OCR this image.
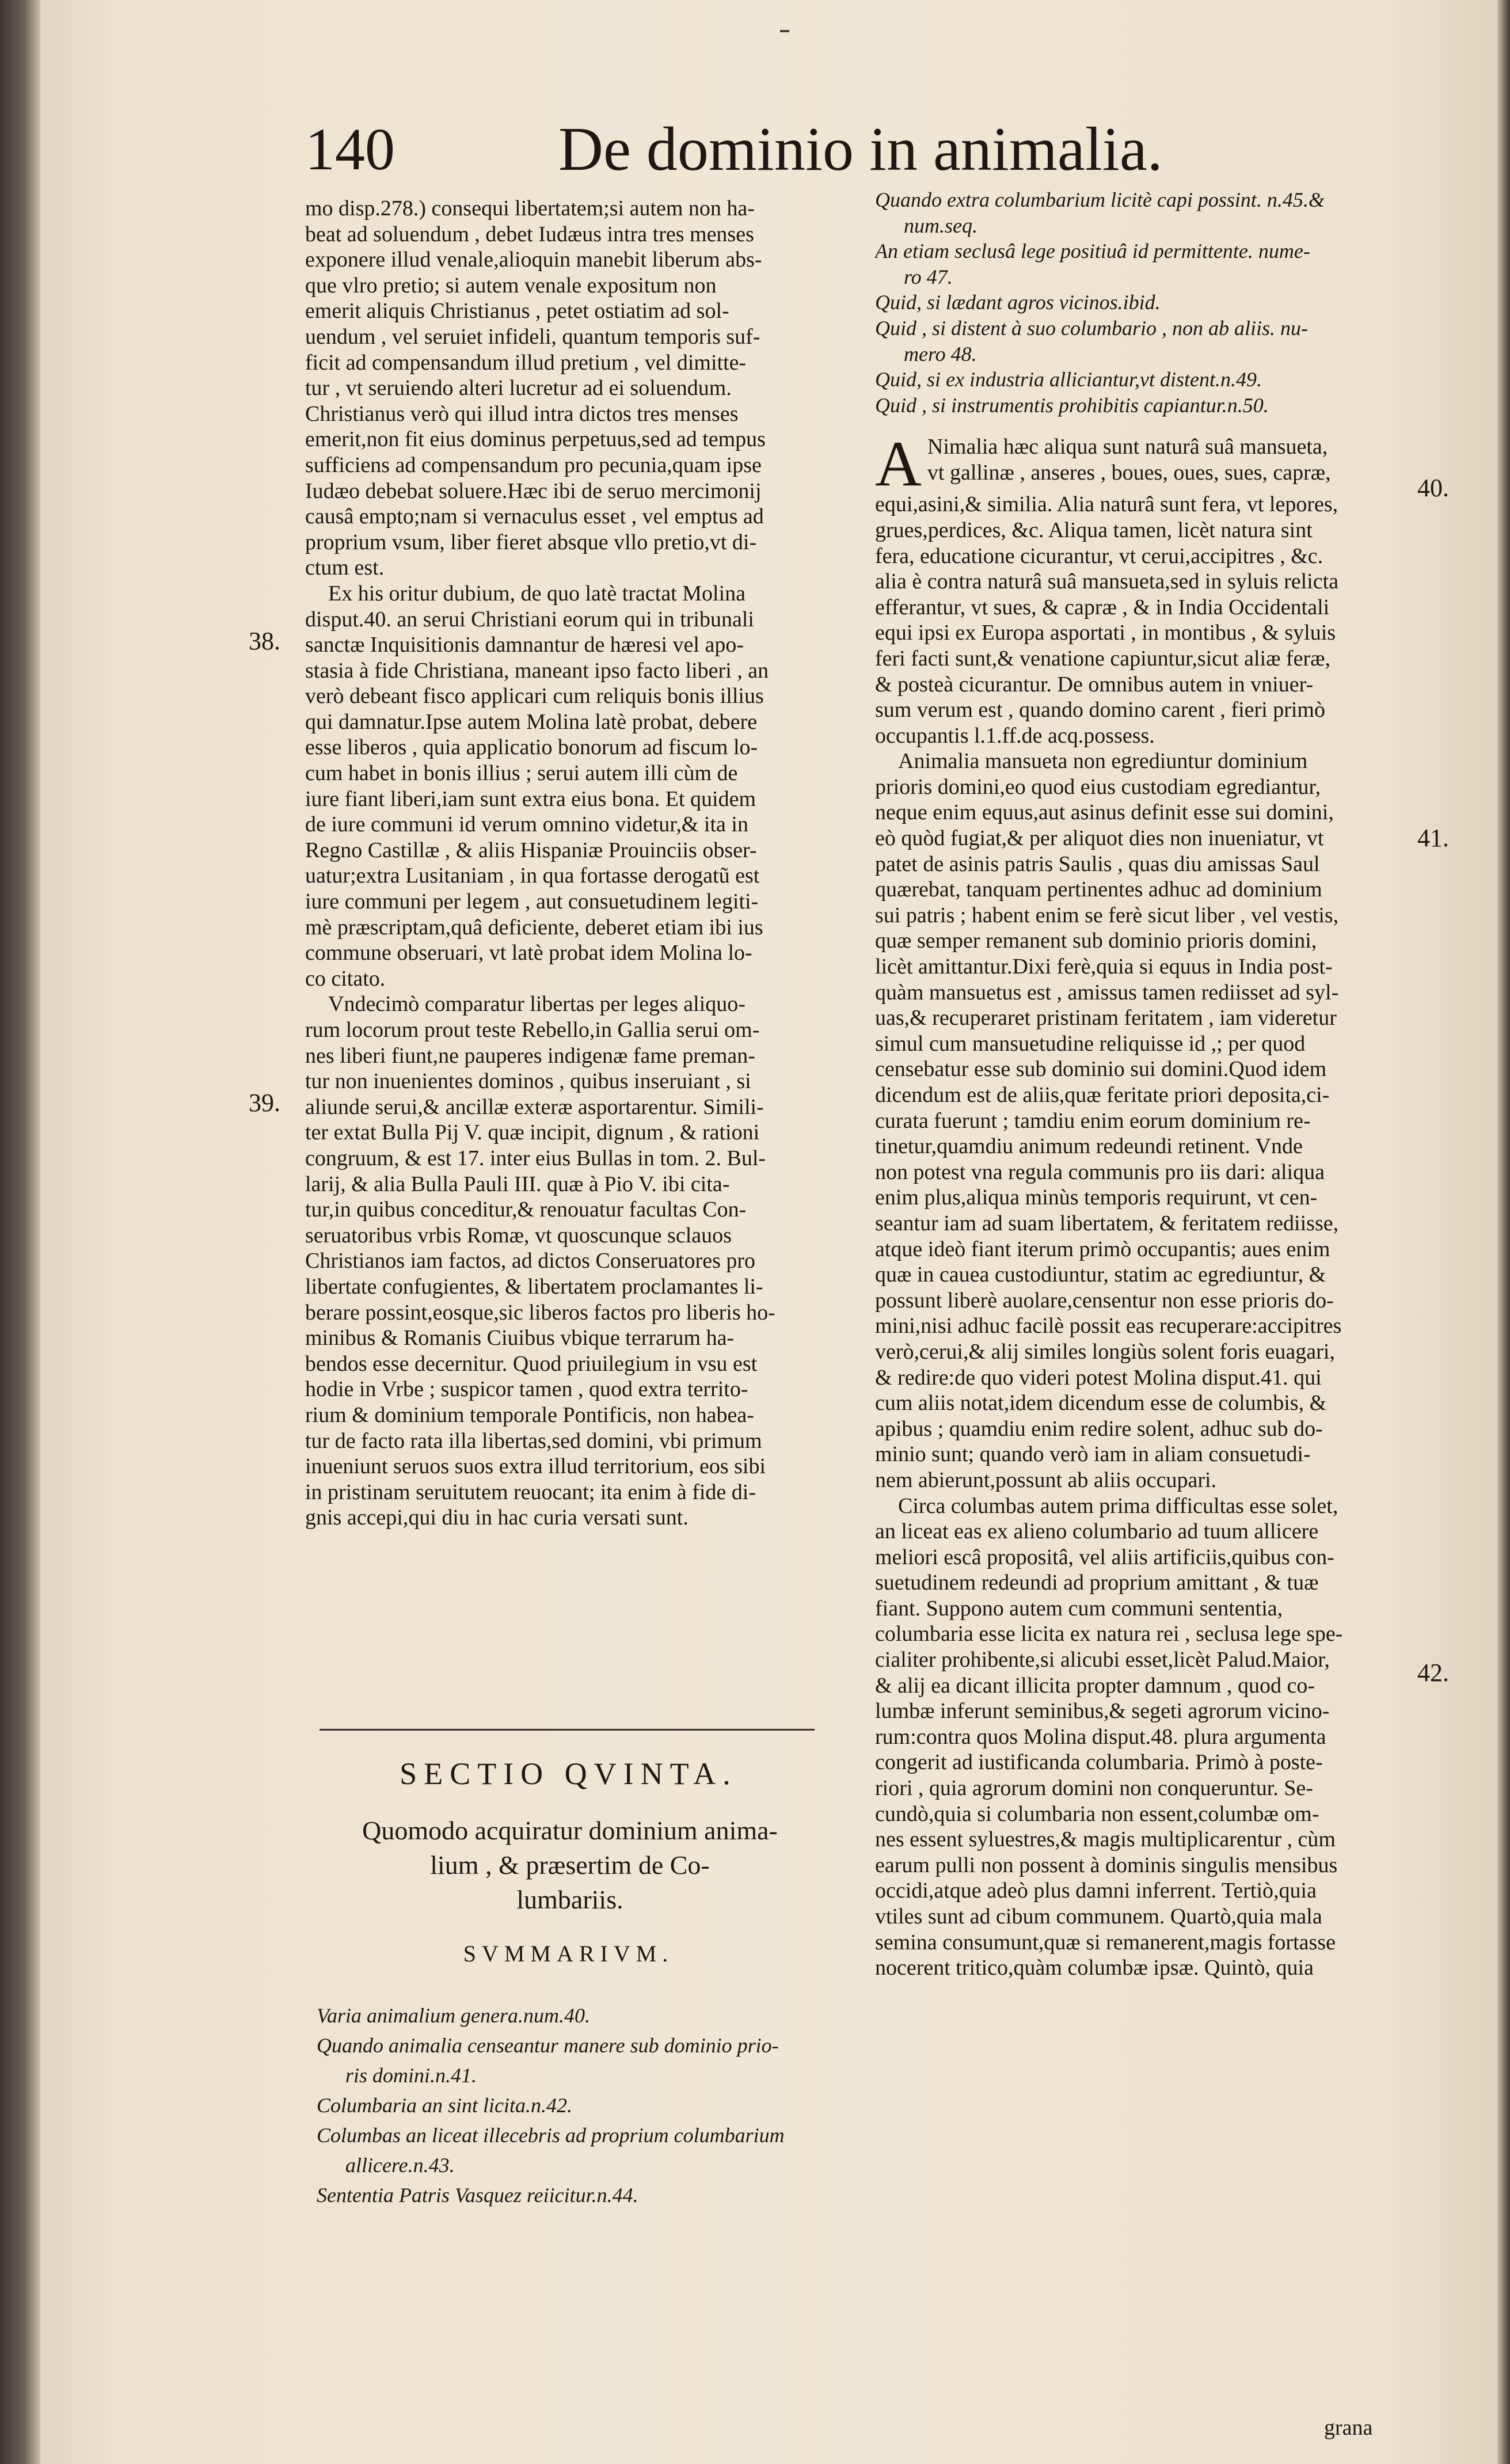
140	De dominio in animalia.
mo disp.278.) consequi libertatem;si autem non ha-
beat ad soluendum , debet Iudæus intra tres menses
exponere illud venale,alioquin manebit liberum abs-
que vlro pretio; si autem venale expositum non
emerit aliquis Christianus , petet ostiatim ad sol-
uendum , vel seruiet infideli, quantum temporis suf-
ficit ad compensandum illud pretium , vel dimitte-
tur , vt seruiendo alteri lucretur ad ei soluendum.
Christianus verò qui illud intra dictos tres menses
emerit,non fit eius dominus perpetuus,sed ad tempus
sufficiens ad compensandum pro pecunia,quam ipse
Iudæo debebat soluere.Hæc ibi de seruo mercimonij
causâ empto;nam si vernaculus esset , vel emptus ad
proprium vsum, liber fieret absque vllo pretio,vt di-
ctum est.
Ex his oritur dubium, de quo latè tractat Molina
disput.40. an serui Christiani eorum qui in tribunali
sanctæ Inquisitionis damnantur de hæresi vel apo-
stasia à fide Christiana, maneant ipso facto liberi , an
verò debeant fisco applicari cum reliquis bonis illius
qui damnatur.Ipse autem Molina latè probat, debere
esse liberos , quia applicatio bonorum ad fiscum lo-
cum habet in bonis illius ; serui autem illi cùm de
iure fiant liberi,iam sunt extra eius bona. Et quidem
de iure communi id verum omnino videtur,& ita in
Regno Castillæ , & aliis Hispaniæ Prouinciis obser-
uatur;extra Lusitaniam , in qua fortasse derogatũ est
iure communi per legem , aut consuetudinem legiti-
mè præscriptam,quâ deficiente, deberet etiam ibi ius
commune obseruari, vt latè probat idem Molina lo-
co citato.
Vndecimò comparatur libertas per leges aliquo-
rum locorum prout teste Rebello,in Gallia serui om-
nes liberi fiunt,ne pauperes indigenæ fame preman-
tur non inuenientes dominos , quibus inseruiant , si
aliunde serui,& ancillæ exteræ asportarentur. Simili-
ter extat Bulla Pij V. quæ incipit, dignum , & rationi
congruum, & est 17. inter eius Bullas in tom. 2. Bul-
larij, & alia Bulla Pauli III. quæ à Pio V. ibi cita-
tur,in quibus conceditur,& renouatur facultas Con-
seruatoribus vrbis Romæ, vt quoscunque sclauos
Christianos iam factos, ad dictos Conseruatores pro
libertate confugientes, & libertatem proclamantes li-
berare possint,eosque,sic liberos factos pro liberis ho-
minibus & Romanis Ciuibus vbique terrarum ha-
bendos esse decernitur. Quod priuilegium in vsu est
hodie in Vrbe ; suspicor tamen , quod extra territo-
rium & dominium temporale Pontificis, non habea-
tur de facto rata illa libertas,sed domini, vbi primum
inueniunt seruos suos extra illud territorium, eos sibi
in pristinam seruitutem reuocant; ita enim à fide di-
gnis accepi,qui diu in hac curia versati sunt.
38.
39.
SECTIO QVINTA.
Quomodo acquiratur dominium anima-
lium , & præsertim de Co-
lumbariis.
SVMMARIVM.
Varia animalium genera.num.40.
Quando animalia censeantur manere sub dominio prio-
ris domini.n.41.
Columbaria an sint licita.n.42.
Columbas an liceat illecebris ad proprium columbarium
allicere.n.43.
Sententia Patris Vasquez reiicitur.n.44.
Quando extra columbarium licitè capi possint. n.45.&
num.seq.
An etiam seclusâ lege positiuâ id permittente. nume-
ro 47.
Quid, si lædant agros vicinos.ibid.
Quid , si distent à suo columbario , non ab aliis. nu-
mero 48.
Quid, si ex industria alliciantur,vt distent.n.49.
Quid , si instrumentis prohibitis capiantur.n.50.
A Nimalia hæc aliqua sunt naturâ suâ mansueta,
vt gallinæ , anseres , boues, oues, sues, capræ,
equi,asini,& similia. Alia naturâ sunt fera, vt lepores,
grues,perdices, &c. Aliqua tamen, licèt natura sint
fera, educatione cicurantur, vt cerui,accipitres , &c.
alia è contra naturâ suâ mansueta,sed in syluis relicta
efferantur, vt sues, & capræ , & in India Occidentali
equi ipsi ex Europa asportati , in montibus , & syluis
feri facti sunt,& venatione capiuntur,sicut aliæ feræ,
& posteà cicurantur. De omnibus autem in vniuer-
sum verum est , quando domino carent , fieri primò
occupantis l.1.ff.de acq.possess.
Animalia mansueta non egrediuntur dominium
prioris domini,eo quod eius custodiam egrediantur,
neque enim equus,aut asinus definit esse sui domini,
eò quòd fugiat,& per aliquot dies non inueniatur, vt
patet de asinis patris Saulis , quas diu amissas Saul
quærebat, tanquam pertinentes adhuc ad dominium
sui patris ; habent enim se ferè sicut liber , vel vestis,
quæ semper remanent sub dominio prioris domini,
licèt amittantur.Dixi ferè,quia si equus in India post-
quàm mansuetus est , amissus tamen rediisset ad syl-
uas,& recuperaret pristinam feritatem , iam videretur
simul cum mansuetudine reliquisse id ,; per quod
censebatur esse sub dominio sui domini.Quod idem
dicendum est de aliis,quæ feritate priori deposita,ci-
curata fuerunt ; tamdiu enim eorum dominium re-
tinetur,quamdiu animum redeundi retinent. Vnde
non potest vna regula communis pro iis dari: aliqua
enim plus,aliqua minùs temporis requirunt, vt cen-
seantur iam ad suam libertatem, & feritatem rediisse,
atque ideò fiant iterum primò occupantis; aues enim
quæ in cauea custodiuntur, statim ac egrediuntur, &
possunt liberè auolare,censentur non esse prioris do-
mini,nisi adhuc facilè possit eas recuperare:accipitres
verò,cerui,& alij similes longiùs solent foris euagari,
& redire:de quo videri potest Molina disput.41. qui
cum aliis notat,idem dicendum esse de columbis, &
apibus ; quamdiu enim redire solent, adhuc sub do-
minio sunt; quando verò iam in aliam consuetudi-
nem abierunt,possunt ab aliis occupari.
Circa columbas autem prima difficultas esse solet,
an liceat eas ex alieno columbario ad tuum allicere
meliori escâ propositâ, vel aliis artificiis,quibus con-
suetudinem redeundi ad proprium amittant , & tuæ
fiant. Suppono autem cum communi sententia,
columbaria esse licita ex natura rei , seclusa lege spe-
cialiter prohibente,si alicubi esset,licèt Palud.Maior,
& alij ea dicant illicita propter damnum , quod co-
lumbæ inferunt seminibus,& segeti agrorum vicino-
rum:contra quos Molina disput.48. plura argumenta
congerit ad iustificanda columbaria. Primò à poste-
riori , quia agrorum domini non conqueruntur. Se-
cundò,quia si columbaria non essent,columbæ om-
nes essent syluestres,& magis multiplicarentur , cùm
earum pulli non possent à dominis singulis mensibus
occidi,atque adeò plus damni inferrent. Tertiò,quia
vtiles sunt ad cibum communem. Quartò,quia mala
semina consumunt,quæ si remanerent,magis fortasse
nocerent tritico,quàm columbæ ipsæ. Quintò, quia
40.
41.
42.
grana
